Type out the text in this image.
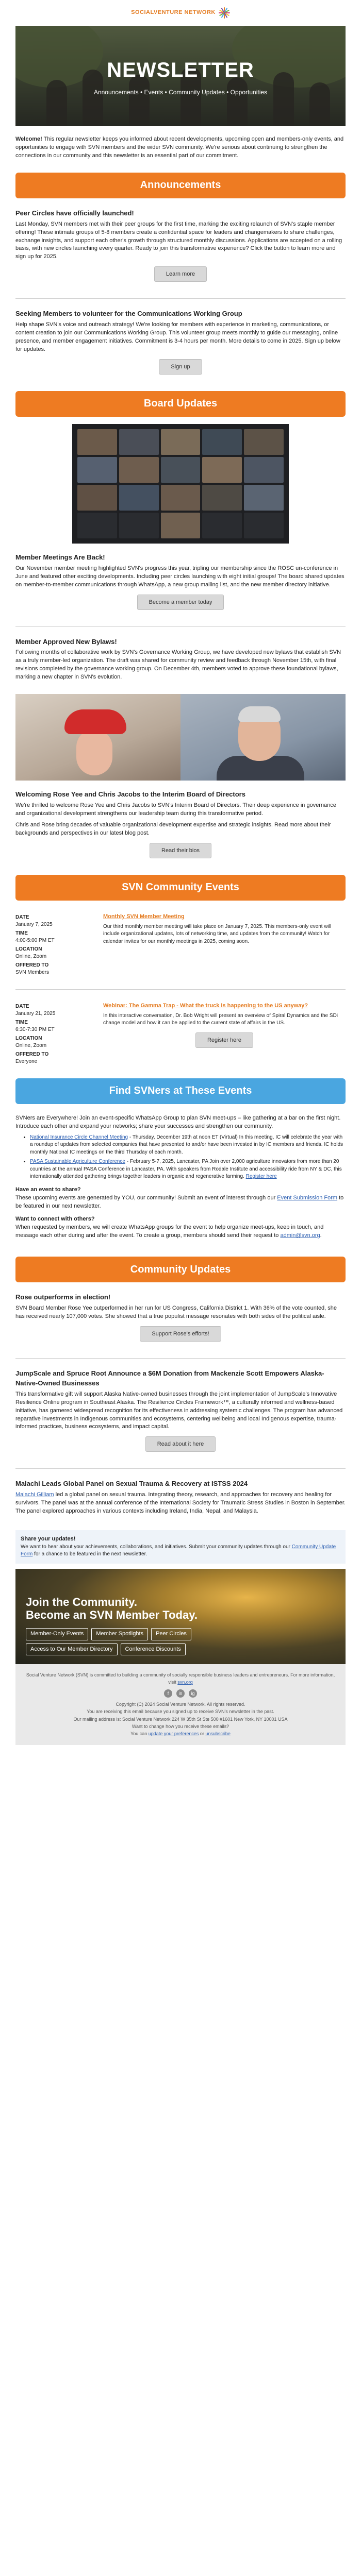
SOCIALVENTURE NETWORK
NEWSLETTER
Announcements • Events • Community Updates • Opportunities

Welcome! This regular newsletter keeps you informed about recent developments, upcoming open and members-only events, and opportunities to engage with SVN members and the wider SVN community. We're serious about continuing to strengthen the connections in our community and this newsletter is an essential part of our commitment.

Announcements
Peer Circles have officially launched!

Last Monday, SVN members met with their peer groups for the first time, marking the exciting relaunch of SVN's staple member offering! These intimate groups of 5-8 members create a confidential space for leaders and changemakers to share challenges, exchange insights, and support each other's growth through structured monthly discussions. Applications are accepted on a rolling basis, with new circles launching every quarter. Ready to join this transformative experience? Click the button to learn more and sign up for 2025.

Learn more
Seeking Members to volunteer for the Communications Working Group

Help shape SVN's voice and outreach strategy! We're looking for members with experience in marketing, communications, or content creation to join our Communications Working Group. This volunteer group meets monthly to guide our messaging, online presence, and member engagement initiatives. Commitment is 3-4 hours per month. More details to come in 2025. Sign up below for updates.

Sign up
Board Updates
Member Meetings Are Back!

Our November member meeting highlighted SVN's progress this year, tripling our membership since the ROSC un-conference in June and featured other exciting developments. Including peer circles launching with eight initial groups! The board shared updates on member-to-member communications through WhatsApp, a new group mailing list, and the new member directory initiative.

Become a member today
Member Approved New Bylaws!

Following months of collaborative work by SVN's Governance Working Group, we have developed new bylaws that establish SVN as a truly member-led organization. The draft was shared for community review and feedback through November 15th, with final revisions completed by the governance working group. On December 4th, members voted to approve these foundational bylaws, marking a new chapter in SVN's evolution.

Welcoming Rose Yee and Chris Jacobs to the Interim Board of Directors

We're thrilled to welcome Rose Yee and Chris Jacobs to SVN's Interim Board of Directors. Their deep experience in governance and organizational development strengthens our leadership team during this transformative period.

Chris and Rose bring decades of valuable organizational development expertise and strategic insights. Read more about their backgrounds and perspectives in our latest blog post.

Read their bios
SVN Community Events
DATE
January 7, 2025
TIME
4:00-5:00 PM ET
LOCATION
Online, Zoom
OFFERED TO
SVN Members
Monthly SVN Member Meeting

Our third monthly member meeting will take place on January 7, 2025. This members-only event will include organizational updates, lots of networking time, and updates from the community! Watch for calendar invites for our monthly meetings in 2025, coming soon.

DATE
January 21, 2025
TIME
6:30-7:30 PM ET
LOCATION
Online, Zoom
OFFERED TO
Everyone
Webinar: The Gamma Trap - What the truck is happening to the US anyway?

In this interactive conversation, Dr. Bob Wright will present an overview of Spiral Dynamics and the SDi change model and how it can be applied to the current state of affairs in the US.

Register here
Find SVNers at These Events

SVNers are Everywhere! Join an event-specific WhatsApp Group to plan SVN meet-ups – like gathering at a bar on the first night. Introduce each other and expand your networks; share your successes and strengthen our community.

• National Insurance Circle Channel Meeting - Thursday, December 19th at noon ET (Virtual) In this meeting, IC will celebrate the year with a roundup of updates from selected companies that have presented to and/or have been invested in by IC members and friends. IC holds monthly National IC meetings on the third Thursday of each month.
• PASA Sustainable Agriculture Conference - February 5-7, 2025, Lancaster, PA Join over 2,000 agriculture innovators from more than 20 countries at the annual PASA Conference in Lancaster, PA. With speakers from Rodale Institute and accessibility ride from NY & DC, this internationally attended gathering brings together leaders in organic and regenerative farming. Register here
Have an event to share?

These upcoming events are generated by YOU, our community! Submit an event of interest through our Event Submission Form to be featured in our next newsletter.

Want to connect with others?

When requested by members, we will create WhatsApp groups for the event to help organize meet-ups, keep in touch, and message each other during and after the event. To create a group, members should send their request to admin@svn.org.

Community Updates
Rose outperforms in election!

SVN Board Member Rose Yee outperformed in her run for US Congress, California District 1. With 36% of the vote counted, she has received nearly 107,000 votes. She showed that a true populist message resonates with both sides of the political aisle.

Support Rose's efforts!
JumpScale and Spruce Root Announce a $6M Donation from Mackenzie Scott Empowers Alaska-Native-Owned Businesses

This transformative gift will support Alaska Native-owned businesses through the joint implementation of JumpScale's Innovative Resilience Online program in Southeast Alaska. The Resilience Circles Framework™, a culturally informed and wellness-based initiative, has garnered widespread recognition for its effectiveness in addressing systemic challenges. The program has advanced reparative investments in Indigenous communities and ecosystems, centering wellbeing and local Indigenous expertise, trauma-informed practices, business ecosystems, and impact capital.

Read about it here
Malachi Leads Global Panel on Sexual Trauma & Recovery at ISTSS 2024

Malachi Gilliam led a global panel on sexual trauma. Integrating theory, research, and approaches for recovery and healing for survivors. The panel was at the annual conference of the International Society for Traumatic Stress Studies in Boston in September. The panel explored approaches in various contexts including Ireland, India, Nepal, and Malaysia.

Share your updates!

We want to hear about your achievements, collaborations, and initiatives. Submit your community updates through our Community Update Form for a chance to be featured in the next newsletter.

Join the Community.
Become an SVN Member Today.
Member-Only Events	Member Spotlights	Peer Circles
Access to Our Member Directory	Conference Discounts
Social Venture Network (SVN) is committed to building a community of socially responsible business leaders and entrepreneurs. For more information, visit svn.org
f	in	ig
Copyright (C) 2024 Social Venture Network. All rights reserved.
You are receiving this email because you signed up to receive SVN's newsletter in the past.
Our mailing address is: Social Venture Network 224 W 35th St Ste 500 #1601 New York, NY 10001 USA
Want to change how you receive these emails?
You can update your preferences or unsubscribe
